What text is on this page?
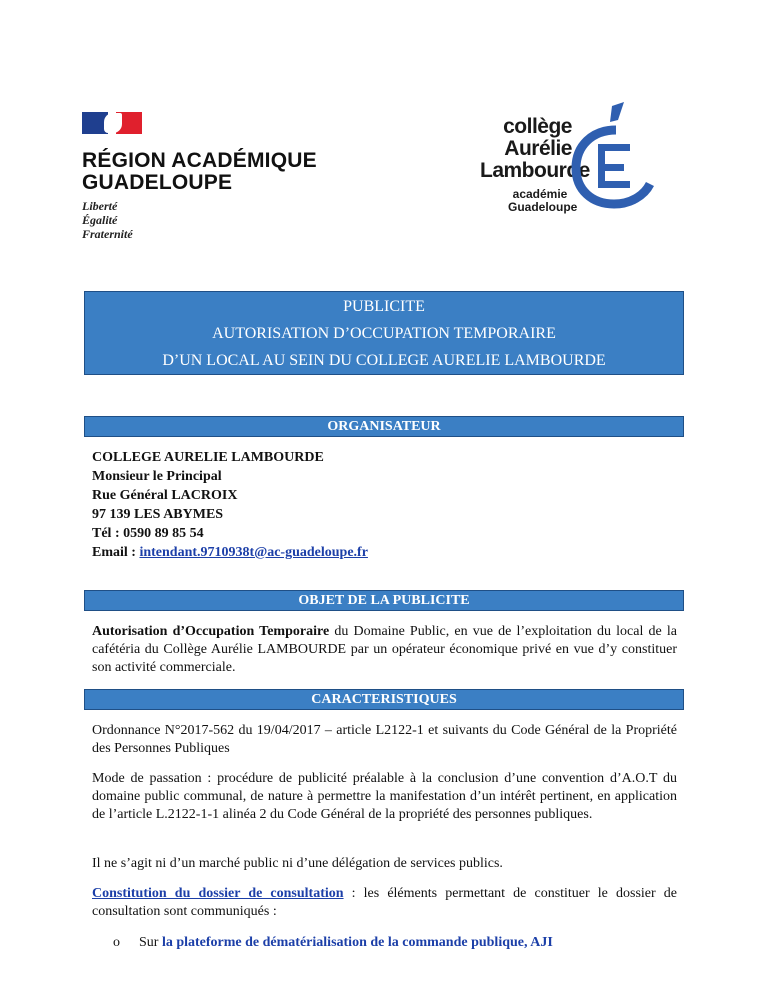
RÉGION ACADÉMIQUE
GUADELOUPE
Liberté
Égalité
Fraternité
collège
Aurélie
Lambourde
académie
Guadeloupe
PUBLICITE
AUTORISATION D’OCCUPATION TEMPORAIRE
D’UN LOCAL AU SEIN DU COLLEGE AURELIE LAMBOURDE
ORGANISATEUR
COLLEGE AURELIE LAMBOURDE
Monsieur le Principal
Rue Général LACROIX
97 139 LES ABYMES
Tél : 0590 89 85 54
Email : intendant.9710938t@ac-guadeloupe.fr
OBJET DE LA PUBLICITE
Autorisation d’Occupation Temporaire du Domaine Public, en vue de l’exploitation du local de la cafétéria du Collège Aurélie LAMBOURDE par un opérateur économique privé en vue d’y constituer son activité commerciale.
CARACTERISTIQUES
Ordonnance N°2017-562 du 19/04/2017 – article L2122-1 et suivants du Code Général de la Propriété des Personnes Publiques
Mode de passation : procédure de publicité préalable à la conclusion d’une convention d’A.O.T du domaine public communal, de nature à permettre la manifestation d’un intérêt pertinent, en application de l’article L.2122-1-1 alinéa 2 du Code Général de la propriété des personnes publiques.
Il ne s’agit ni d’un marché public ni d’une délégation de services publics.
Constitution du dossier de consultation : les éléments permettant de constituer le dossier de consultation sont communiqués :
o Sur la plateforme de dématérialisation de la commande publique, AJI
